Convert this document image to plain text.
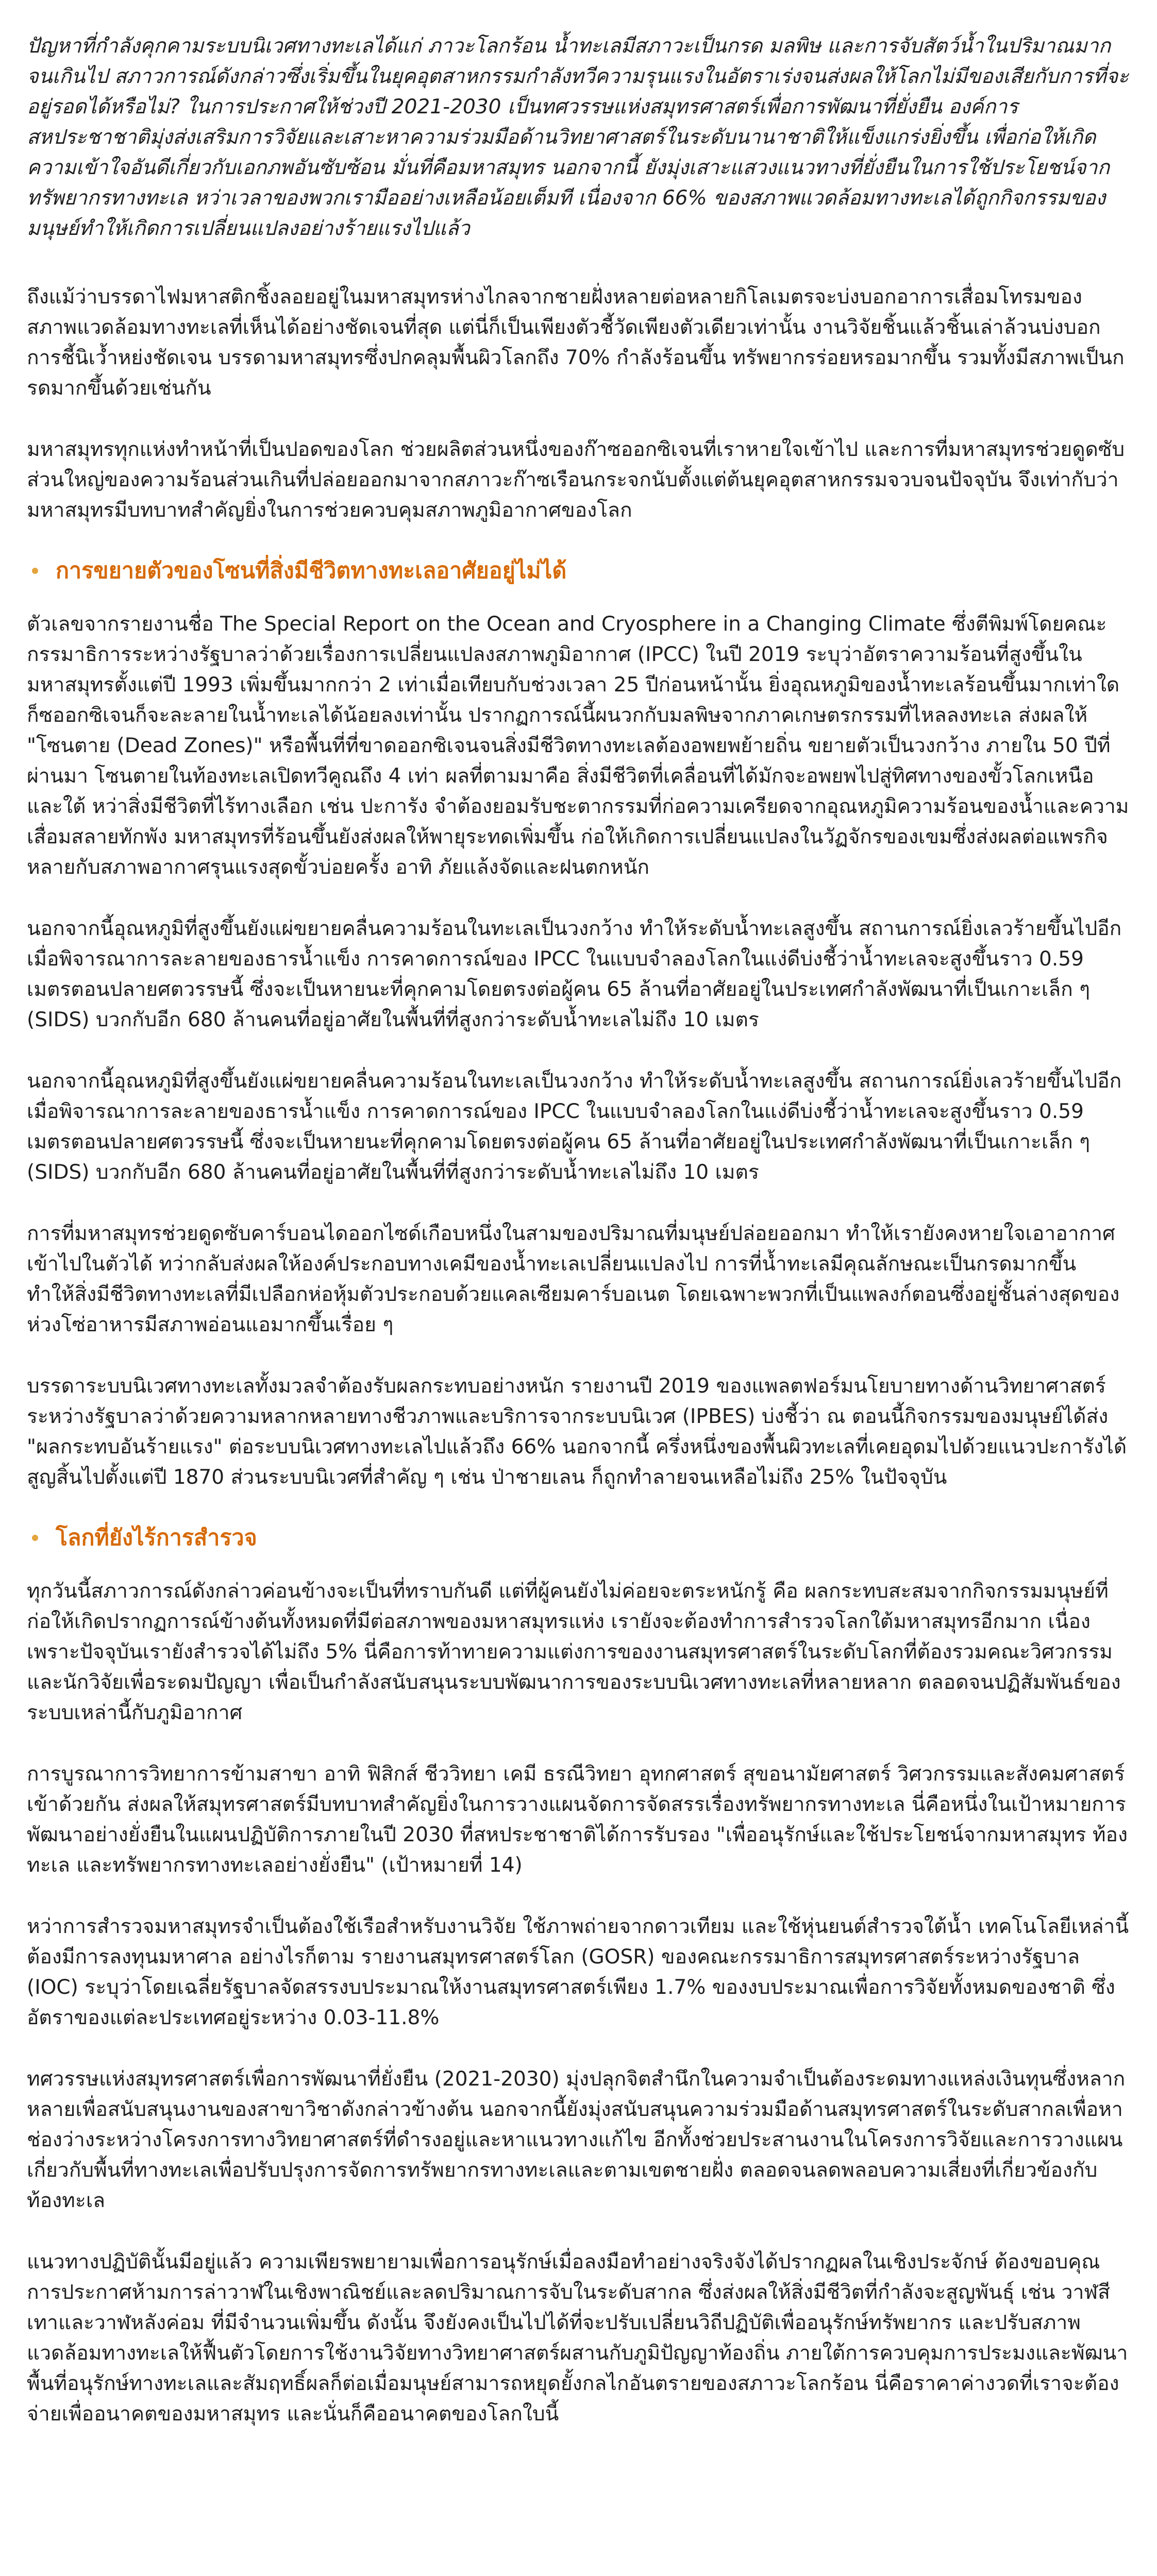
ปัญหาที่กำลังคุกคามระบบนิเวศทางทะเลได้แก่ ภาวะโลกร้อน น้ำทะเลมีสภาวะเป็นกรด มลพิษ และการจับสัตว์น้ำในปริมาณมากจนเกินไป สภาวการณ์ดังกล่าวซึ่งเริ่มขึ้นในยุคอุตสาหกรรมกำลังทวีความรุนแรงในอัตราเร่งจนส่งผลให้โลกไม่มีของเสียกับการที่จะอยู่รอดได้หรือไม่? ในการประกาศให้ช่วงปี 2021-2030 เป็นทศวรรษแห่งสมุทรศาสตร์เพื่อการพัฒนาที่ยั่งยืน องค์การสหประชาชาติมุ่งส่งเสริมการวิจัยและเสาะหาความร่วมมือด้านวิทยาศาสตร์ในระดับนานาชาติให้แข็งแกร่งยิ่งขึ้น เพื่อก่อให้เกิดความเข้าใจอันดีเกี่ยวกับเอกภพอันซับซ้อน มั่นที่คือมหาสมุทร นอกจากนี้ ยังมุ่งเสาะแสวงแนวทางที่ยั่งยืนในการใช้ประโยชน์จากทรัพยากรทางทะเล หว่าเวลาของพวกเรามืออย่างเหลือน้อยเต็มที เนื่องจาก 66% ของสภาพแวดล้อมทางทะเลได้ถูกกิจกรรมของมนุษย์ทำให้เกิดการเปลี่ยนแปลงอย่างร้ายแรงไปแล้ว

ถึงแม้ว่าบรรดาไฟมหาสติกชิ้งลอยอยู่ในมหาสมุทรห่างไกลจากชายฝั่งหลายต่อหลายกิโลเมตรจะบ่งบอกอาการเสื่อมโทรมของสภาพแวดล้อมทางทะเลที่เห็นได้อย่างชัดเจนที่สุด แต่นี่ก็เป็นเพียงตัวชี้วัดเพียงตัวเดียวเท่านั้น งานวิจัยชิ้นแล้วชิ้นเล่าล้วนบ่งบอกการชี้นิเว้ำหย่งชัดเจน บรรดามหาสมุทรซึ่งปกคลุมพื้นผิวโลกถึง 70% กำลังร้อนขึ้น ทรัพยากรร่อยหรอมากขึ้น รวมทั้งมีสภาพเป็นกรดมากขึ้นด้วยเช่นกัน

มหาสมุทรทุกแห่งทำหน้าที่เป็นปอดของโลก ช่วยผลิตส่วนหนึ่งของก๊าซออกซิเจนที่เราหายใจเข้าไป และการที่มหาสมุทรช่วยดูดซับส่วนใหญ่ของความร้อนส่วนเกินที่ปล่อยออกมาจากสภาวะก๊าซเรือนกระจกนับตั้งแต่ต้นยุคอุตสาหกรรมจวบจนปัจจุบัน จึงเท่ากับว่ามหาสมุทรมีบทบาทสำคัญยิ่งในการช่วยควบคุมสภาพภูมิอากาศของโลก

การขยายตัวของโซนที่สิ่งมีชีวิตทางทะเลอาศัยอยู่ไม่ได้

ตัวเลขจากรายงานชื่อ The Special Report on the Ocean and Cryosphere in a Changing Climate ซึ่งตีพิมพ์โดยคณะกรรมาธิการระหว่างรัฐบาลว่าด้วยเรื่องการเปลี่ยนแปลงสภาพภูมิอากาศ (IPCC) ในปี 2019 ระบุว่าอัตราความร้อนที่สูงขึ้นในมหาสมุทรตั้งแต่ปี 1993 เพิ่มขึ้นมากกว่า 2 เท่าเมื่อเทียบกับช่วงเวลา 25 ปีก่อนหน้านั้น ยิ่งอุณหภูมิของน้ำทะเลร้อนขึ้นมากเท่าใด ก็ซออกซิเจนก็จะละลายในน้ำทะเลได้น้อยลงเท่านั้น ปรากฏการณ์นี้ผนวกกับมลพิษจากภาคเกษตรกรรมที่ไหลลงทะเล ส่งผลให้ "โซนตาย (Dead Zones)" หรือพื้นที่ที่ขาดออกซิเจนจนสิ่งมีชีวิตทางทะเลต้องอพยพย้ายถิ่น ขยายตัวเป็นวงกว้าง ภายใน 50 ปีที่ผ่านมา โซนตายในท้องทะเลเปิดทวีคูณถึง 4 เท่า ผลที่ตามมาคือ สิ่งมีชีวิตที่เคลื่อนที่ได้มักจะอพยพไปสู่ทิศทางของขั้วโลกเหนือและใต้ หว่าสิ่งมีชีวิตที่ไร้ทางเลือก เช่น ปะการัง จำต้องยอมรับชะตากรรมที่ก่อความเครียดจากอุณหภูมิความร้อนของน้ำและความเสื่อมสลายทักพัง มหาสมุทรที่ร้อนขึ้นยังส่งผลให้พายุระทดเพิ่มขึ้น ก่อให้เกิดการเปลี่ยนแปลงในวัฏจักรของเขมซึ่งส่งผลต่อแพรกิจหลายกับสภาพอากาศรุนแรงสุดขั้วบ่อยครั้ง อาทิ ภัยแล้งจัดและฝนตกหนัก

นอกจากนี้อุณหภูมิที่สูงขึ้นยังแผ่ขยายคลื่นความร้อนในทะเลเป็นวงกว้าง ทำให้ระดับน้ำทะเลสูงขึ้น สถานการณ์ยิ่งเลวร้ายขึ้นไปอีกเมื่อพิจารณาการละลายของธารน้ำแข็ง การคาดการณ์ของ IPCC ในแบบจำลองโลกในแง่ดีบ่งชี้ว่าน้ำทะเลจะสูงขึ้นราว 0.59 เมตรตอนปลายศตวรรษนี้ ซึ่งจะเป็นหายนะที่คุกคามโดยตรงต่อผู้คน 65 ล้านที่อาศัยอยู่ในประเทศกำลังพัฒนาที่เป็นเกาะเล็ก ๆ (SIDS) บวกกับอีก 680 ล้านคนที่อยู่อาศัยในพื้นที่ที่สูงกว่าระดับน้ำทะเลไม่ถึง 10 เมตร

นอกจากนี้อุณหภูมิที่สูงขึ้นยังแผ่ขยายคลื่นความร้อนในทะเลเป็นวงกว้าง ทำให้ระดับน้ำทะเลสูงขึ้น สถานการณ์ยิ่งเลวร้ายขึ้นไปอีกเมื่อพิจารณาการละลายของธารน้ำแข็ง การคาดการณ์ของ IPCC ในแบบจำลองโลกในแง่ดีบ่งชี้ว่าน้ำทะเลจะสูงขึ้นราว 0.59 เมตรตอนปลายศตวรรษนี้ ซึ่งจะเป็นหายนะที่คุกคามโดยตรงต่อผู้คน 65 ล้านที่อาศัยอยู่ในประเทศกำลังพัฒนาที่เป็นเกาะเล็ก ๆ (SIDS) บวกกับอีก 680 ล้านคนที่อยู่อาศัยในพื้นที่ที่สูงกว่าระดับน้ำทะเลไม่ถึง 10 เมตร

การที่มหาสมุทรช่วยดูดซับคาร์บอนไดออกไซด์เกือบหนึ่งในสามของปริมาณที่มนุษย์ปล่อยออกมา ทำให้เรายังคงหายใจเอาอากาศเข้าไปในตัวได้ ทว่ากลับส่งผลให้องค์ประกอบทางเคมีของน้ำทะเลเปลี่ยนแปลงไป การที่น้ำทะเลมีคุณลักษณะเป็นกรดมากขึ้น ทำให้สิ่งมีชีวิตทางทะเลที่มีเปลือกห่อหุ้มตัวประกอบด้วยแคลเซียมคาร์บอเนต โดยเฉพาะพวกที่เป็นแพลงก์ตอนซึ่งอยู่ชั้นล่างสุดของห่วงโซ่อาหารมีสภาพอ่อนแอมากขึ้นเรื่อย ๆ

บรรดาระบบนิเวศทางทะเลทั้งมวลจำต้องรับผลกระทบอย่างหนัก รายงานปี 2019 ของแพลตฟอร์มนโยบายทางด้านวิทยาศาสตร์ระหว่างรัฐบาลว่าด้วยความหลากหลายทางชีวภาพและบริการจากระบบนิเวศ (IPBES) บ่งชี้ว่า ณ ตอนนี้กิจกรรมของมนุษย์ได้ส่ง "ผลกระทบอันร้ายแรง" ต่อระบบนิเวศทางทะเลไปแล้วถึง 66% นอกจากนี้ ครึ่งหนึ่งของพื้นผิวทะเลที่เคยอุดมไปด้วยแนวปะการังได้สูญสิ้นไปตั้งแต่ปี 1870 ส่วนระบบนิเวศที่สำคัญ ๆ เช่น ป่าชายเลน ก็ถูกทำลายจนเหลือไม่ถึง 25% ในปัจจุบัน

โลกที่ยังไร้การสำรวจ

ทุกวันนี้สภาวการณ์ดังกล่าวค่อนข้างจะเป็นที่ทราบกันดี แต่ที่ผู้คนยังไม่ค่อยจะตระหนักรู้ คือ ผลกระทบสะสมจากกิจกรรมมนุษย์ที่ก่อให้เกิดปรากฏการณ์ข้างต้นทั้งหมดที่มีต่อสภาพของมหาสมุทรแห่ง เรายังจะต้องทำการสำรวจโลกใต้มหาสมุทรอีกมาก เนื่องเพราะปัจจุบันเรายังสำรวจได้ไม่ถึง 5% นี่คือการท้าทายความแต่งการของงานสมุทรศาสตร์ในระดับโลกที่ต้องรวมคณะวิศวกรรมและนักวิจัยเพื่อระดมปัญญา เพื่อเป็นกำลังสนับสนุนระบบพัฒนาการของระบบนิเวศทางทะเลที่หลายหลาก ตลอดจนปฏิสัมพันธ์ของระบบเหล่านี้กับภูมิอากาศ

การบูรณาการวิทยาการข้ามสาขา อาทิ ฟิสิกส์ ชีววิทยา เคมี ธรณีวิทยา อุทกศาสตร์ สุขอนามัยศาสตร์ วิศวกรรมและสังคมศาสตร์เข้าด้วยกัน ส่งผลให้สมุทรศาสตร์มีบทบาทสำคัญยิ่งในการวางแผนจัดการจัดสรรเรื่องทรัพยากรทางทะเล นี่คือหนึ่งในเป้าหมายการพัฒนาอย่างยั่งยืนในแผนปฏิบัติการภายในปี 2030 ที่สหประชาชาติได้การรับรอง "เพื่ออนุรักษ์และใช้ประโยชน์จากมหาสมุทร ท้องทะเล และทรัพยากรทางทะเลอย่างยั่งยืน" (เป้าหมายที่ 14)

หว่าการสำรวจมหาสมุทรจำเป็นต้องใช้เรือสำหรับงานวิจัย ใช้ภาพถ่ายจากดาวเทียม และใช้หุ่นยนต์สำรวจใต้น้ำ เทคโนโลยีเหล่านี้ต้องมีการลงทุนมหาศาล อย่างไรก็ตาม รายงานสมุทรศาสตร์โลก (GOSR) ของคณะกรรมาธิการสมุทรศาสตร์ระหว่างรัฐบาล (IOC) ระบุว่าโดยเฉลี่ยรัฐบาลจัดสรรงบประมาณให้งานสมุทรศาสตร์เพียง 1.7% ของงบประมาณเพื่อการวิจัยทั้งหมดของชาติ ซึ่งอัตราของแต่ละประเทศอยู่ระหว่าง 0.03-11.8%

ทศวรรษแห่งสมุทรศาสตร์เพื่อการพัฒนาที่ยั่งยืน (2021-2030) มุ่งปลุกจิตสำนึกในความจำเป็นต้องระดมทางแหล่งเงินทุนซึ่งหลากหลายเพื่อสนับสนุนงานของสาขาวิชาดังกล่าวข้างต้น นอกจากนี้ยังมุ่งสนับสนุนความร่วมมือด้านสมุทรศาสตร์ในระดับสากลเพื่อหาช่องว่างระหว่างโครงการทางวิทยาศาสตร์ที่ดำรงอยู่และหาแนวทางแก้ไข อีกทั้งช่วยประสานงานในโครงการวิจัยและการวางแผนเกี่ยวกับพื้นที่ทางทะเลเพื่อปรับปรุงการจัดการทรัพยากรทางทะเลและตามเขตชายฝั่ง ตลอดจนลดพลอบความเสี่ยงที่เกี่ยวข้องกับท้องทะเล

แนวทางปฏิบัตินั้นมีอยู่แล้ว ความเพียรพยายามเพื่อการอนุรักษ์เมื่อลงมือทำอย่างจริงจังได้ปรากฏผลในเชิงประจักษ์ ต้องขอบคุณการประกาศห้ามการล่าวาฬในเชิงพาณิชย์และลดปริมาณการจับในระดับสากล ซึ่งส่งผลให้สิ่งมีชีวิตที่กำลังจะสูญพันธุ์ เช่น วาฬสีเทาและวาฬหลังค่อม ที่มีจำนวนเพิ่มขึ้น ดังนั้น จึงยังคงเป็นไปได้ที่จะปรับเปลี่ยนวิถีปฏิบัติเพื่ออนุรักษ์ทรัพยากร และปรับสภาพแวดล้อมทางทะเลให้ฟื้นตัวโดยการใช้งานวิจัยทางวิทยาศาสตร์ผสานกับภูมิปัญญาท้องถิ่น ภายใต้การควบคุมการประมงและพัฒนาพื้นที่อนุรักษ์ทางทะเลและสัมฤทธิ์ผลก็ต่อเมื่อมนุษย์สามารถหยุดยั้งกลไกอันตรายของสภาวะโลกร้อน นี่คือราคาค่างวดที่เราจะต้องจ่ายเพื่ออนาคตของมหาสมุทร และนั่นก็คืออนาคตของโลกใบนี้
